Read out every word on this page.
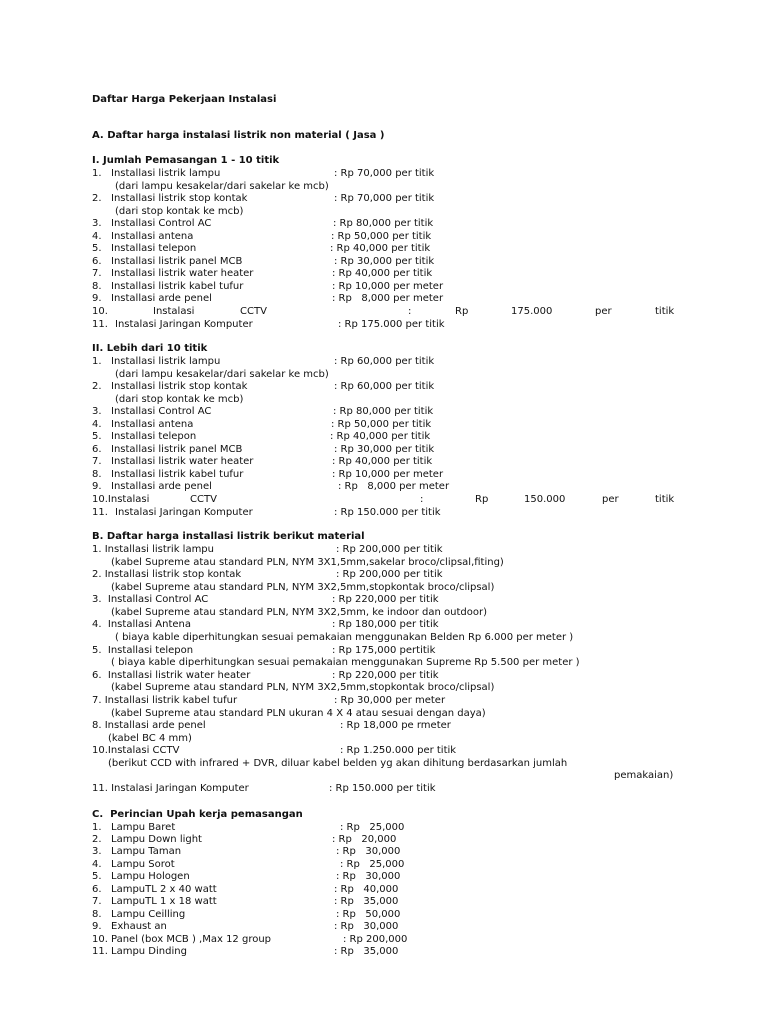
Daftar Harga Pekerjaan Instalasi
A. Daftar harga instalasi listrik non material ( Jasa )
I. Jumlah Pemasangan 1 - 10 titik
1. Installasi listrik lampu	: Rp 70,000 per titik
(dari lampu kesakelar/dari sakelar ke mcb)
2. Installasi listrik stop kontak	: Rp 70,000 per titik
(dari stop kontak ke mcb)
3. Installasi Control AC	: Rp 80,000 per titik
4. Installasi antena	: Rp 50,000 per titik
5. Installasi telepon	: Rp 40,000 per titik
6. Installasi listrik panel MCB	: Rp 30,000 per titik
7. Installasi listrik water heater	: Rp 40,000 per titik
8. Installasi listrik kabel tufur	: Rp 10,000 per meter
9. Installasi arde penel	: Rp   8,000 per meter
10.	Instalasi	CCTV	:	Rp	175.000	per	titik
11. Instalasi Jaringan Komputer	: Rp 175.000 per titik
II. Lebih dari 10 titik
1. Installasi listrik lampu	: Rp 60,000 per titik
(dari lampu kesakelar/dari sakelar ke mcb)
2. Installasi listrik stop kontak	: Rp 60,000 per titik
(dari stop kontak ke mcb)
3. Installasi Control AC	: Rp 80,000 per titik
4. Installasi antena	: Rp 50,000 per titik
5. Installasi telepon	: Rp 40,000 per titik
6. Installasi listrik panel MCB	: Rp 30,000 per titik
7. Installasi listrik water heater	: Rp 40,000 per titik
8. Installasi listrik kabel tufur	: Rp 10,000 per meter
9. Installasi arde penel	: Rp   8,000 per meter
10.Instalasi	CCTV	:	Rp	150.000	per	titik
11. Instalasi Jaringan Komputer	: Rp 150.000 per titik
B. Daftar harga installasi listrik berikut material
1. Installasi listrik lampu	: Rp 200,000 per titik
(kabel Supreme atau standard PLN, NYM 3X1,5mm,sakelar broco/clipsal,fiting)
2. Installasi listrik stop kontak	: Rp 200,000 per titik
(kabel Supreme atau standard PLN, NYM 3X2,5mm,stopkontak broco/clipsal)
3.  Installasi Control AC	: Rp 220,000 per titik
(kabel Supreme atau standard PLN, NYM 3X2,5mm, ke indoor dan outdoor)
4.  Installasi Antena	: Rp 180,000 per titik
( biaya kable diperhitungkan sesuai pemakaian menggunakan Belden Rp 6.000 per meter )
5.  Installasi telepon	: Rp 175,000 pertitik
( biaya kable diperhitungkan sesuai pemakaian menggunakan Supreme Rp 5.500 per meter )
6.  Installasi listrik water heater	: Rp 220,000 per titik
(kabel Supreme atau standard PLN, NYM 3X2,5mm,stopkontak broco/clipsal)
7. Installasi listrik kabel tufur	: Rp 30,000 per meter
(kabel Supreme atau standard PLN ukuran 4 X 4 atau sesuai dengan daya)
8. Installasi arde penel	: Rp 18,000 pe rmeter
(kabel BC 4 mm)
10.Instalasi CCTV	: Rp 1.250.000 per titik
(berikut CCD with infrared + DVR, diluar kabel belden yg akan dihitung berdasarkan jumlah
pemakaian)
11. Instalasi Jaringan Komputer	: Rp 150.000 per titik
C.  Perincian Upah kerja pemasangan
1. Lampu Baret	: Rp   25,000
2. Lampu Down light	: Rp   20,000
3. Lampu Taman	: Rp   30,000
4. Lampu Sorot	: Rp   25,000
5. Lampu Hologen	: Rp   30,000
6. LampuTL 2 x 40 watt	: Rp   40,000
7. LampuTL 1 x 18 watt	: Rp   35,000
8. Lampu Ceilling	: Rp   50,000
9. Exhaust an	: Rp   30,000
10. Panel (box MCB ) ,Max 12 group	: Rp 200,000
11. Lampu Dinding	: Rp   35,000
